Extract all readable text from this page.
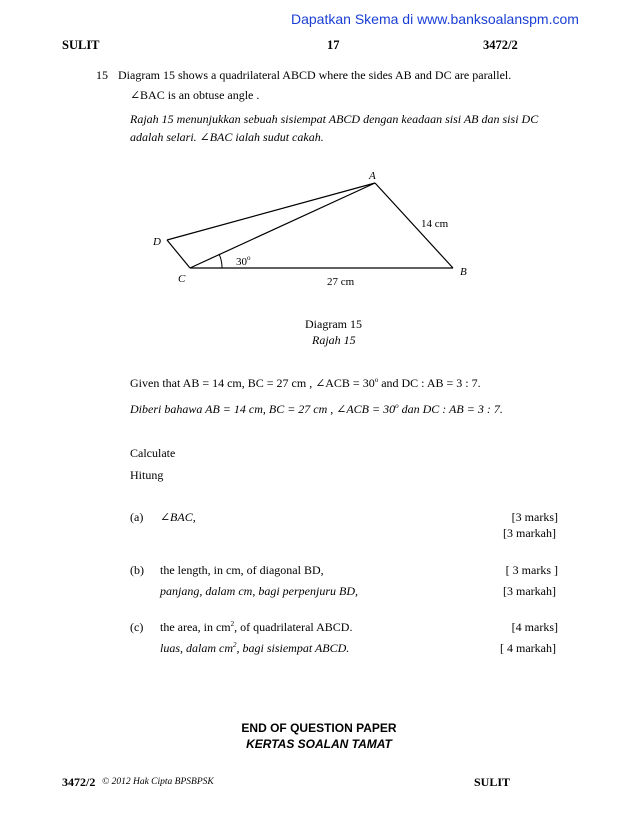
Dapatkan Skema di www.banksoalanspm.com
SULIT	17	3472/2
15 Diagram 15 shows a quadrilateral ABCD where the sides AB and DC are parallel.
∠BAC is an obtuse angle .
Rajah 15 menunjukkan sebuah sisiempat ABCD dengan keadaan sisi AB dan sisi DC
adalah selari. ∠BAC ialah sudut cakah.
A
B
C
D
14 cm
27 cm
30$^o$
Diagram 15
Rajah 15
Given that AB = 14 cm, BC = 27 cm , ∠ACB = $30^o$ and DC : AB = 3 : 7.
Diberi bahawa AB = 14 cm, BC = 27 cm , ∠ACB = $30^o$ dan DC : AB = 3 : 7.
Calculate
Hitung
(a) ∠BAC,	[3 marks]
[3 markah]
(b) the length, in cm, of diagonal BD,	[ 3 marks ]
panjang, dalam cm, bagi perpenjuru BD,	[3 markah]
(c) the area, in $cm^2$, of quadrilateral ABCD.	[4 marks]
luas, dalam $cm^2$, bagi sisiempat ABCD.	[ 4 markah]
END OF QUESTION PAPER
KERTAS SOALAN TAMAT
3472/2 © 2012 Hak Cipta BPSBPSK	SULIT
